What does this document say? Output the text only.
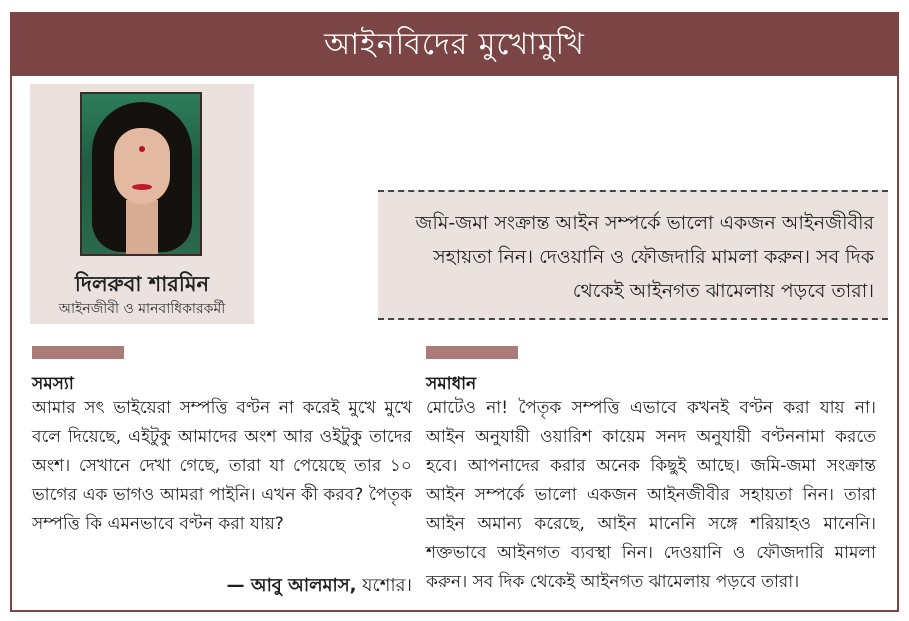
আইনবিদের মুখোমুখি
দিলরুবা শারমিন
আইনজীবী ও মানবাধিকারকর্মী
জমি-জমা সংক্রান্ত আইন সম্পর্কে ভালো একজন আইনজীবীর সহায়তা নিন। দেওয়ানি ও ফৌজদারি মামলা করুন। সব দিক থেকেই আইনগত ঝামেলায় পড়বে তারা।
সমস্যা
আমার সৎ ভাইয়েরা সম্পত্তি বণ্টন না করেই মুখে মুখে বলে দিয়েছে, এইটুকু আমাদের অংশ আর ওইটুকু তাদের অংশ। সেখানে দেখা গেছে, তারা যা পেয়েছে তার ১০ ভাগের এক ভাগও আমরা পাইনি। এখন কী করব? পৈতৃক সম্পত্তি কি এমনভাবে বণ্টন করা যায়?
— আবু আলমাস, যশোর।
সমাধান
মোটেও না! পৈতৃক সম্পত্তি এভাবে কখনই বণ্টন করা যায় না। আইন অনুযায়ী ওয়ারিশ কায়েম সনদ অনুযায়ী বণ্টননামা করতে হবে। আপনাদের করার অনেক কিছুই আছে। জমি-জমা সংক্রান্ত আইন সম্পর্কে ভালো একজন আইনজীবীর সহায়তা নিন। তারা আইন অমান্য করেছে, আইন মানেনি সঙ্গে শরিয়াহও মানেনি। শক্তভাবে আইনগত ব্যবস্থা নিন। দেওয়ানি ও ফৌজদারি মামলা করুন। সব দিক থেকেই আইনগত ঝামেলায় পড়বে তারা।
